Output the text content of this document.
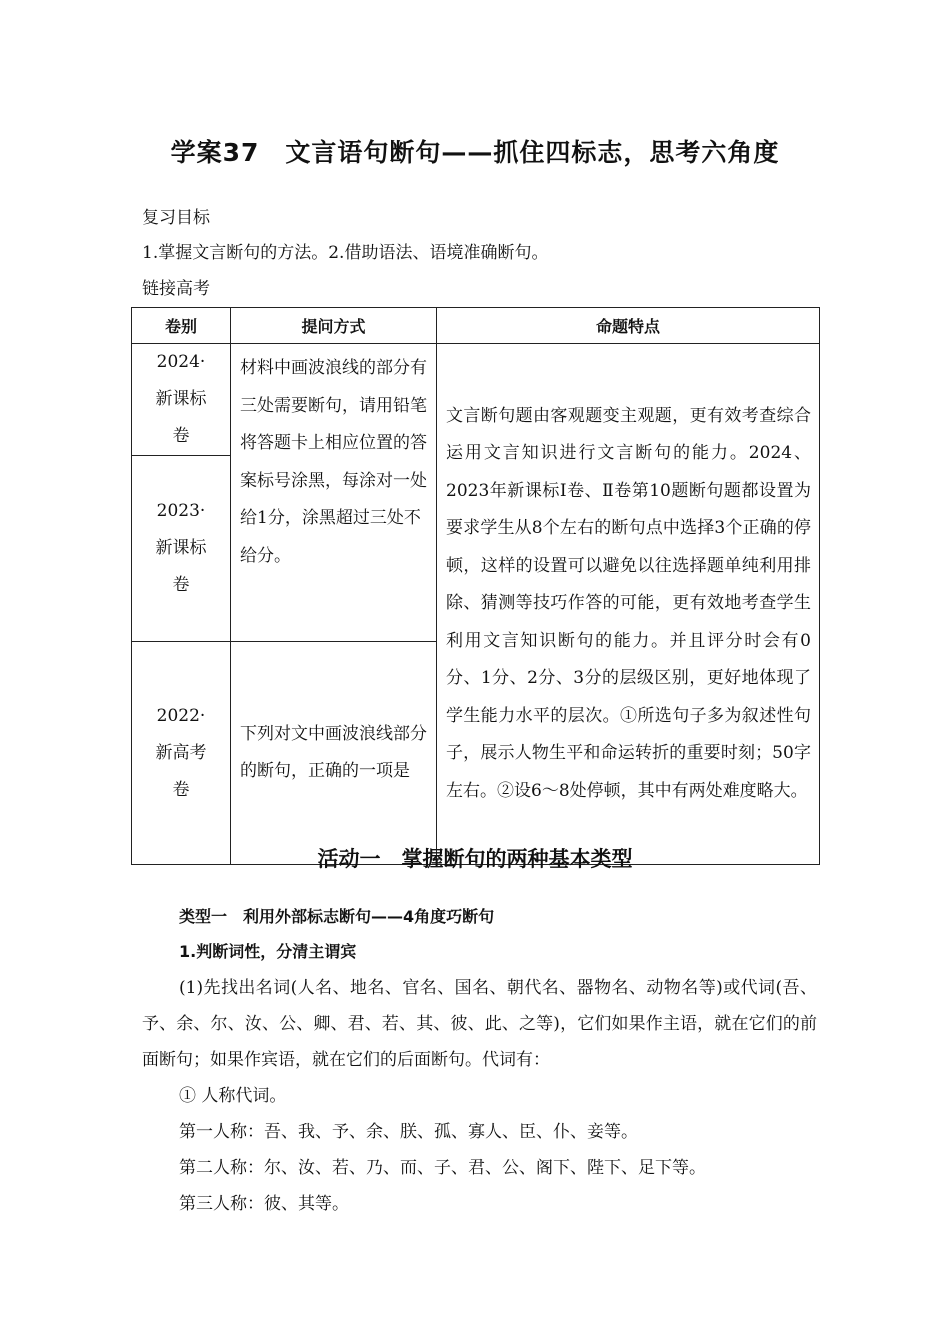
学案37　文言语句断句——抓住四标志，思考六角度
复习目标
1.掌握文言断句的方法。2.借助语法、语境准确断句。
链接高考
卷别	提问方式	命题特点

2024·新课标卷	材料中画波浪线的部分有三处需要断句，请用铅笔将答题卡上相应位置的答案标号涂黑，每涂对一处给1分，涂黑超过三处不给分。	文言断句题由客观题变主观题，更有效考查综合运用文言知识进行文言断句的能力。2024、2023年新课标Ⅰ卷、Ⅱ卷第10题断句题都设置为要求学生从8个左右的断句点中选择3个正确的停顿，这样的设置可以避免以往选择题单纯利用排除、猜测等技巧作答的可能，更有效地考查学生利用文言知识断句的能力。并且评分时会有0分、1分、2分、3分的层级区别，更好地体现了学生能力水平的层次。①所选句子多为叙述性句子，展示人物生平和命运转折的重要时刻；50字左右。②设6～8处停顿，其中有两处难度略大。

2023·新课标卷		

2022·新高考卷	下列对文中画波浪线部分的断句，正确的一项是	
活动一　掌握断句的两种基本类型
类型一　利用外部标志断句——4角度巧断句
1.判断词性，分清主谓宾
(1)先找出名词(人名、地名、官名、国名、朝代名、器物名、动物名等)或代词(吾、予、余、尔、汝、公、卿、君、若、其、彼、此、之等)，它们如果作主语，就在它们的前面断句；如果作宾语，就在它们的后面断句。代词有：
① 人称代词。
第一人称：吾、我、予、余、朕、孤、寡人、臣、仆、妾等。
第二人称：尔、汝、若、乃、而、子、君、公、阁下、陛下、足下等。
第三人称：彼、其等。
